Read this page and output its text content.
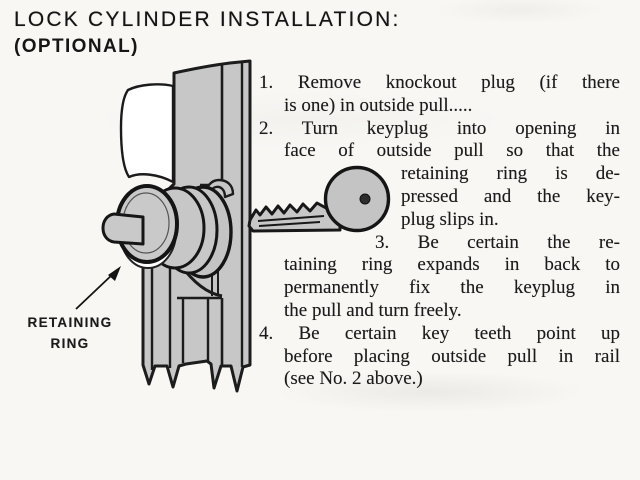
LOCK CYLINDER INSTALLATION:
(OPTIONAL)
RETAINING
RING
1. Remove knockout plug (if there
is one) in outside pull.....
2. Turn keyplug into opening in
face of outside pull so that the
retaining ring is de-
pressed and the key-
plug slips in.
3. Be certain the re-
taining ring expands in back to
permanently fix the keyplug in
the pull and turn freely.
4. Be certain key teeth point up
before placing outside pull in rail
(see No. 2 above.)
